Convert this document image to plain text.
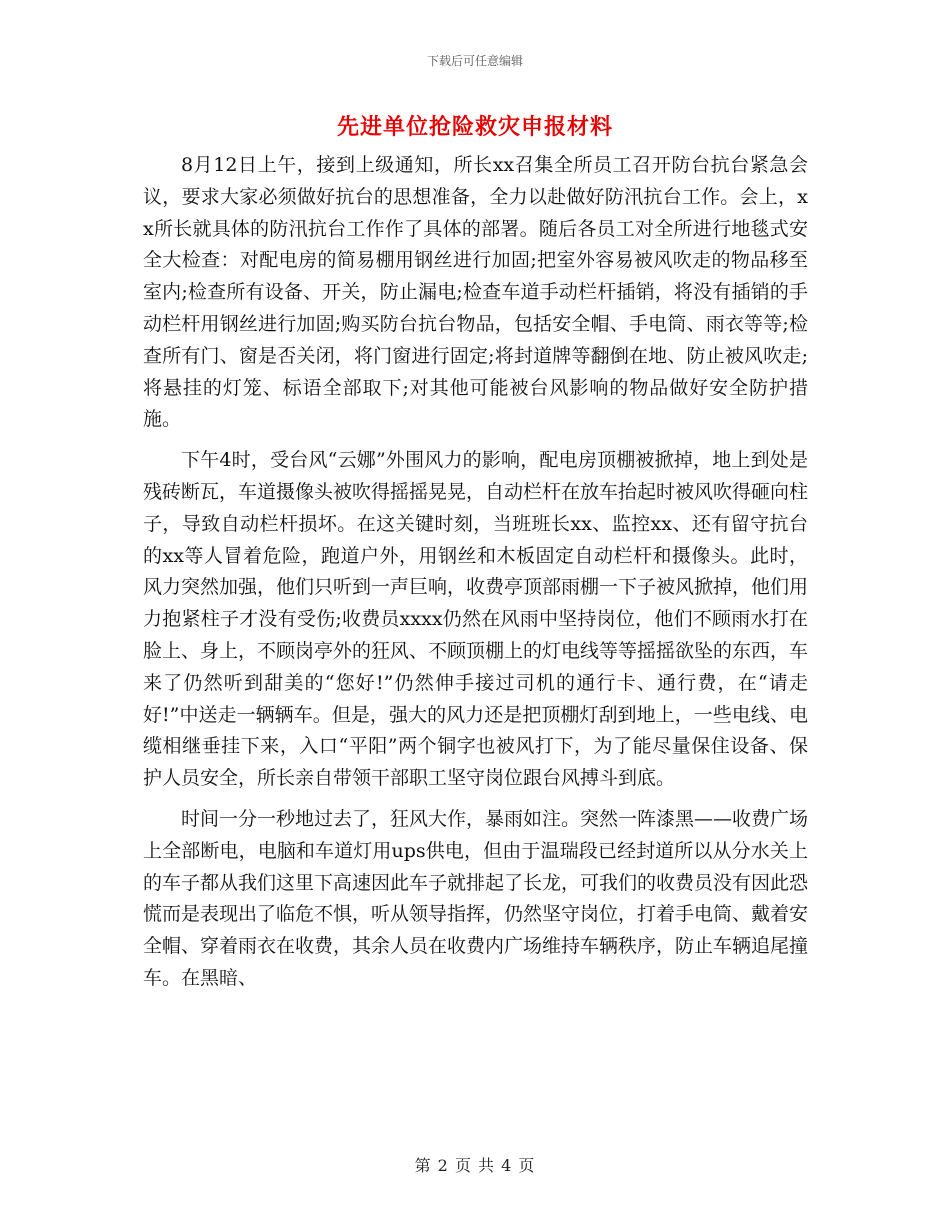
下载后可任意编辑
先进单位抢险救灾申报材料

8月12日上午，接到上级通知，所长xx召集全所员工召开防台抗台紧急会议，要求大家必须做好抗台的思想准备，全力以赴做好防汛抗台工作。会上，xx所长就具体的防汛抗台工作作了具体的部署。随后各员工对全所进行地毯式安全大检查：对配电房的简易棚用钢丝进行加固;把室外容易被风吹走的物品移至室内;检查所有设备、开关，防止漏电;检查车道手动栏杆插销，将没有插销的手动栏杆用钢丝进行加固;购买防台抗台物品，包括安全帽、手电筒、雨衣等等;检查所有门、窗是否关闭，将门窗进行固定;将封道牌等翻倒在地、防止被风吹走;将悬挂的灯笼、标语全部取下;对其他可能被台风影响的物品做好安全防护措施。

下午4时，受台风“云娜”外围风力的影响，配电房顶棚被掀掉，地上到处是残砖断瓦，车道摄像头被吹得摇摇晃晃，自动栏杆在放车抬起时被风吹得砸向柱子，导致自动栏杆损坏。在这关键时刻，当班班长xx、监控xx、还有留守抗台的xx等人冒着危险，跑道户外，用钢丝和木板固定自动栏杆和摄像头。此时，风力突然加强，他们只听到一声巨响，收费亭顶部雨棚一下子被风掀掉，他们用力抱紧柱子才没有受伤;收费员xxxx仍然在风雨中坚持岗位，他们不顾雨水打在脸上、身上，不顾岗亭外的狂风、不顾顶棚上的灯电线等等摇摇欲坠的东西，车来了仍然听到甜美的“您好!”仍然伸手接过司机的通行卡、通行费，在“请走好!”中送走一辆辆车。但是，强大的风力还是把顶棚灯刮到地上，一些电线、电缆相继垂挂下来，入口“平阳”两个铜字也被风打下，为了能尽量保住设备、保护人员安全，所长亲自带领干部职工坚守岗位跟台风搏斗到底。

时间一分一秒地过去了，狂风大作，暴雨如注。突然一阵漆黑——收费广场上全部断电，电脑和车道灯用ups供电，但由于温瑞段已经封道所以从分水关上的车子都从我们这里下高速因此车子就排起了长龙，可我们的收费员没有因此恐慌而是表现出了临危不惧，听从领导指挥，仍然坚守岗位，打着手电筒、戴着安全帽、穿着雨衣在收费，其余人员在收费内广场维持车辆秩序，防止车辆追尾撞车。在黑暗、

第 2 页 共 4 页
